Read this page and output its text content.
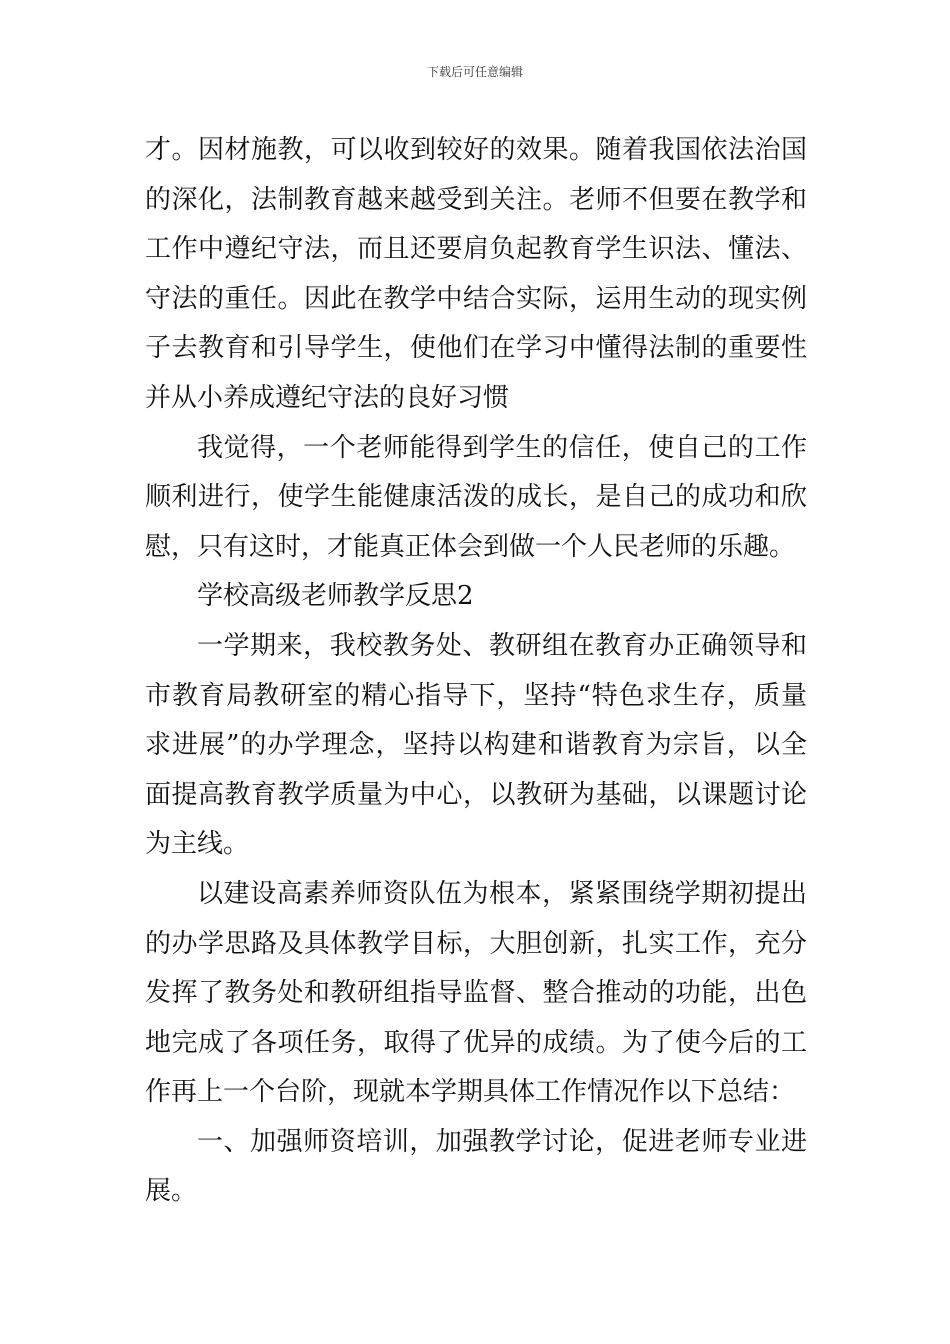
下载后可任意编辑

才。因材施教，可以收到较好的效果。随着我国依法治国的深化，法制教育越来越受到关注。老师不但要在教学和工作中遵纪守法，而且还要肩负起教育学生识法、懂法、守法的重任。因此在教学中结合实际，运用生动的现实例子去教育和引导学生，使他们在学习中懂得法制的重要性并从小养成遵纪守法的良好习惯

我觉得，一个老师能得到学生的信任，使自己的工作顺利进行，使学生能健康活泼的成长，是自己的成功和欣慰，只有这时，才能真正体会到做一个人民老师的乐趣。

学校高级老师教学反思2

一学期来，我校教务处、教研组在教育办正确领导和市教育局教研室的精心指导下，坚持“特色求生存，质量求进展”的办学理念，坚持以构建和谐教育为宗旨，以全面提高教育教学质量为中心，以教研为基础，以课题讨论为主线。

以建设高素养师资队伍为根本，紧紧围绕学期初提出的办学思路及具体教学目标，大胆创新，扎实工作，充分发挥了教务处和教研组指导监督、整合推动的功能，出色地完成了各项任务，取得了优异的成绩。为了使今后的工作再上一个台阶，现就本学期具体工作情况作以下总结：

一、加强师资培训，加强教学讨论，促进老师专业进展。
